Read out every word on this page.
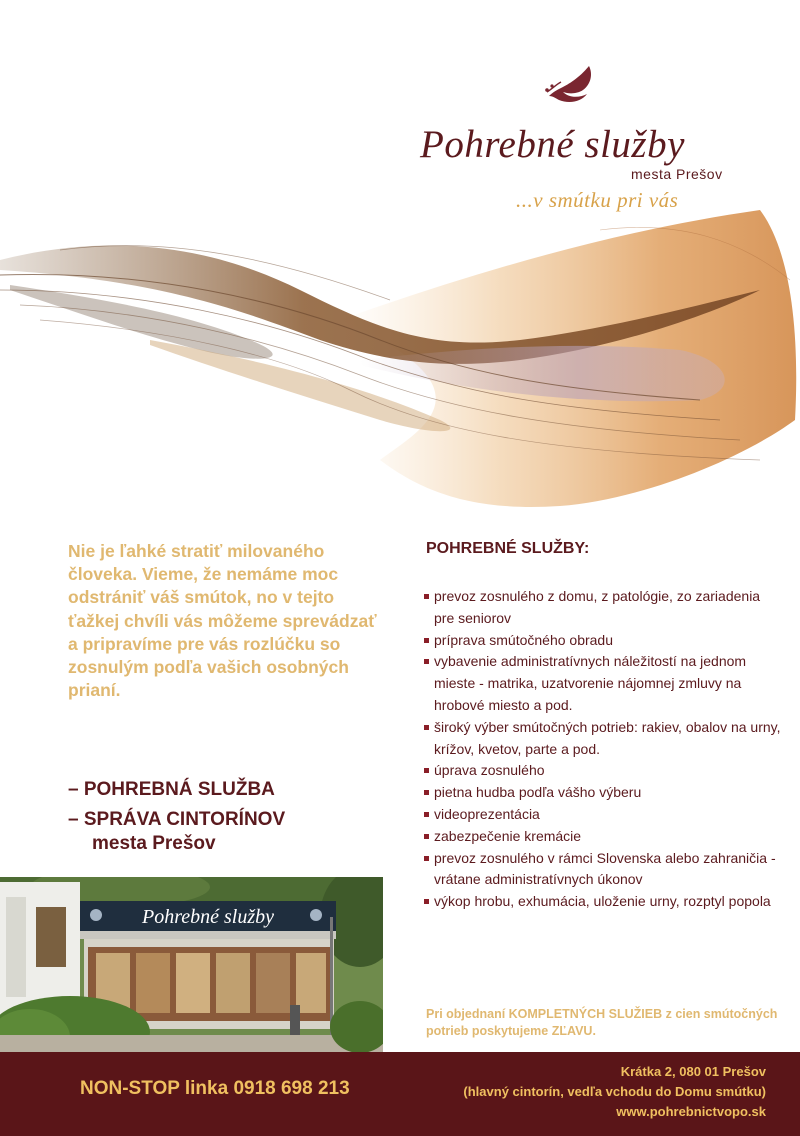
Pohrebné služby
mesta Prešov
...v smútku pri vás

Nie je ľahké stratiť milovaného človeka. Vieme, že nemáme moc odstrániť váš smútok, no v tejto ťažkej chvíli vás môžeme sprevádzať a pripravíme pre vás rozlúčku so zosnulým podľa vašich osobných prianí.

– POHREBNÁ SLUŽBA
– SPRÁVA CINTORÍNOV
mesta Prešov
Pohrebné služby
POHREBNÉ SLUŽBY:
prevoz zosnulého z domu, z patológie, zo zariadenia pre seniorov
príprava smútočného obradu
vybavenie administratívnych náležitostí na jednom mieste - matrika, uzatvorenie nájomnej zmluvy na hrobové miesto a pod.
široký výber smútočných potrieb: rakiev, obalov na urny, krížov, kvetov, parte a pod.
úprava zosnulého
pietna hudba podľa vášho výberu
videoprezentácia
zabezpečenie kremácie
prevoz zosnulého v rámci Slovenska alebo zahraničia - vrátane administratívnych úkonov
výkop hrobu, exhumácia, uloženie urny, rozptyl popola

Pri objednaní KOMPLETNÝCH SLUŽIEB z cien smútočných potrieb poskytujeme ZĽAVU.

NON-STOP linka 0918 698 213
Krátka 2, 080 01 Prešov
(hlavný cintorín, vedľa vchodu do Domu smútku)
www.pohrebnictvopo.sk
